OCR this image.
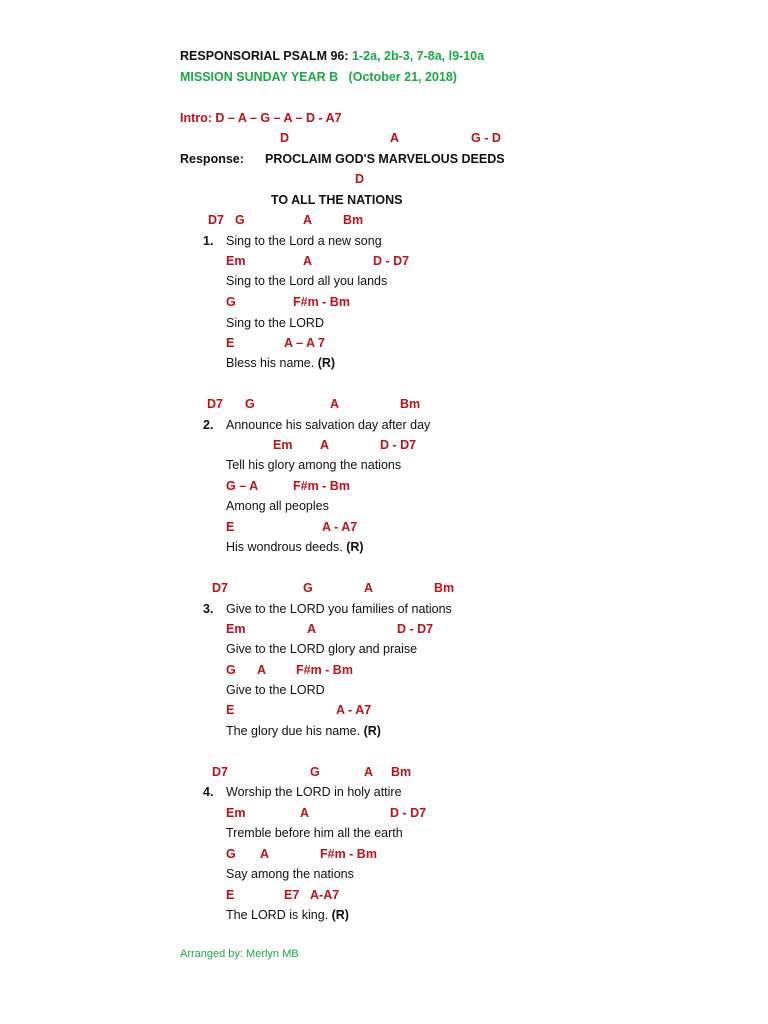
RESPONSORIAL PSALM 96: 1-2a, 2b-3, 7-8a, l9-10a
MISSION SUNDAY YEAR B   (October 21, 2018)
Intro: D – A – G – A – D - A7
D	A	G - D
Response: PROCLAIM GOD'S MARVELOUS DEEDS
D
TO ALL THE NATIONS
D7 G	A Bm
1. Sing to the Lord a new song
Em	A	D - D7
Sing to the Lord all you lands
G	F#m - Bm
Sing to the LORD
E	A – A 7
Bless his name. (R)
D7 G	A	Bm
2. Announce his salvation day after day
Em A	D - D7
Tell his glory among the nations
G – A	F#m - Bm
Among all peoples
E	A - A7
His wondrous deeds. (R)
D7	G	A	Bm
3. Give to the LORD you families of nations
Em	A	D - D7
Give to the LORD glory and praise
G A F#m - Bm
Give to the LORD
E	A - A7
The glory due his name. (R)
D7	G	A Bm
4. Worship the LORD in holy attire
Em	A	D - D7
Tremble before him all the earth
G A	F#m - Bm
Say among the nations
E	E7 A-A7
The LORD is king. (R)
Arranged by: Merlyn MB
